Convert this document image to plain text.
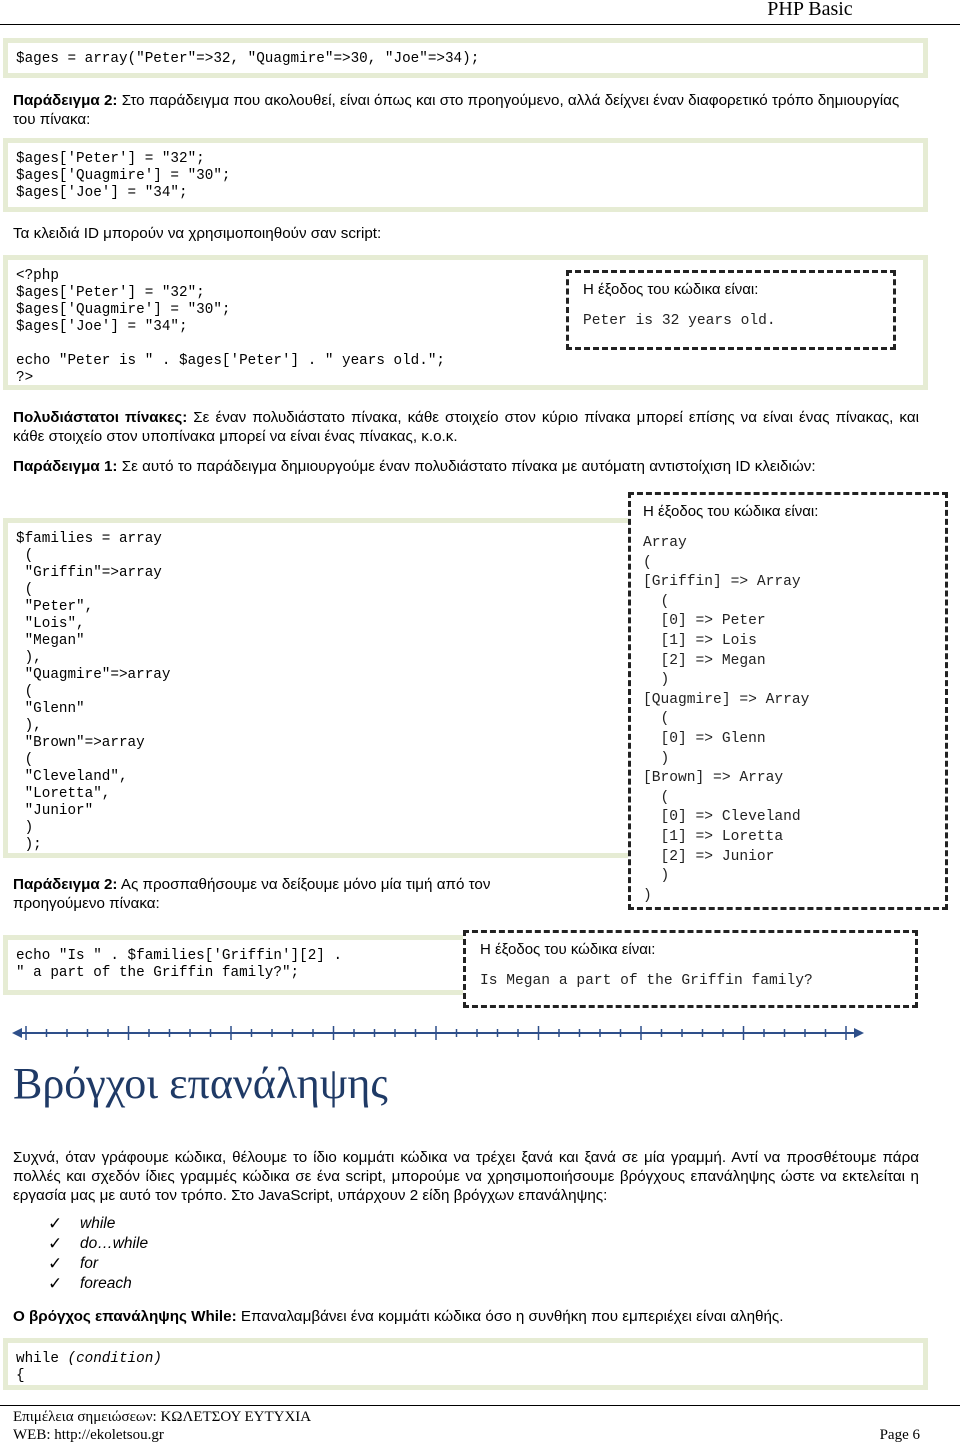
PHP Basic
$ages = array("Peter"=>32, "Quagmire"=>30, "Joe"=>34);

Παράδειγμα 2: Στο παράδειγμα που ακολουθεί, είναι όπως και στο προηγούμενο, αλλά δείχνει έναν διαφορετικό τρόπο δημιουργίας του πίνακα:

$ages['Peter'] = "32";
$ages['Quagmire'] = "30";
$ages['Joe'] = "34";

Τα κλειδιά ID μπορούν να χρησιμοποιηθούν σαν script:

<?php
$ages['Peter'] = "32";
$ages['Quagmire'] = "30";
$ages['Joe'] = "34";

echo "Peter is " . $ages['Peter'] . " years old.";
?>

Η έξοδος του κώδικα είναι:

Peter is 32 years old.

Πολυδιάστατοι πίνακες: Σε έναν πολυδιάστατο πίνακα, κάθε στοιχείο στον κύριο πίνακα μπορεί επίσης να είναι ένας πίνακας, και κάθε στοιχείο στον υποπίνακα μπορεί να είναι ένας πίνακας, κ.ο.κ.

Παράδειγμα 1: Σε αυτό το παράδειγμα δημιουργούμε έναν πολυδιάστατο πίνακα με αυτόματη αντιστοίχιση ID κλειδιών:

$families = array
(
"Griffin"=>array
(
"Peter",
"Lois",
"Megan"
),
"Quagmire"=>array
(
"Glenn"
),
"Brown"=>array
(
"Cleveland",
"Loretta",
"Junior"
)
);

Η έξοδος του κώδικα είναι:

Array
(
[Griffin] => Array
(
[0] => Peter
[1] => Lois
[2] => Megan
)
[Quagmire] => Array
(
[0] => Glenn
)
[Brown] => Array
(
[0] => Cleveland
[1] => Loretta
[2] => Junior
)
)

Παράδειγμα 2: Ας προσπαθήσουμε να δείξουμε μόνο μία τιμή από τον προηγούμενο πίνακα:

echo "Is " . $families['Griffin'][2] .
" a part of the Griffin family?";

Η έξοδος του κώδικα είναι:

Is Megan a part of the Griffin family?
Βρόγχοι επανάληψης

Συχνά, όταν γράφουμε κώδικα, θέλουμε το ίδιο κομμάτι κώδικα να τρέχει ξανά και ξανά σε μία γραμμή. Αντί να προσθέτουμε πάρα πολλές και σχεδόν ίδιες γραμμές κώδικα σε ένα script, μπορούμε να χρησιμοποιήσουμε βρόγχους επανάληψης ώστε να εκτελείται η εργασία μας με αυτό τον τρόπο. Στο JavaScript, υπάρχουν 2 είδη βρόγχων επανάληψης:

✓ while
✓ do…while
✓ for
✓ foreach

Ο βρόγχος επανάληψης While: Επαναλαμβάνει ένα κομμάτι κώδικα όσο η συνθήκη που εμπεριέχει είναι αληθής.

while (condition)
{
Επιμέλεια σημειώσεων: ΚΩΛΕΤΣΟΥ ΕΥΤΥΧΙΑ
WEB: http://ekoletsou.gr	Page 6
